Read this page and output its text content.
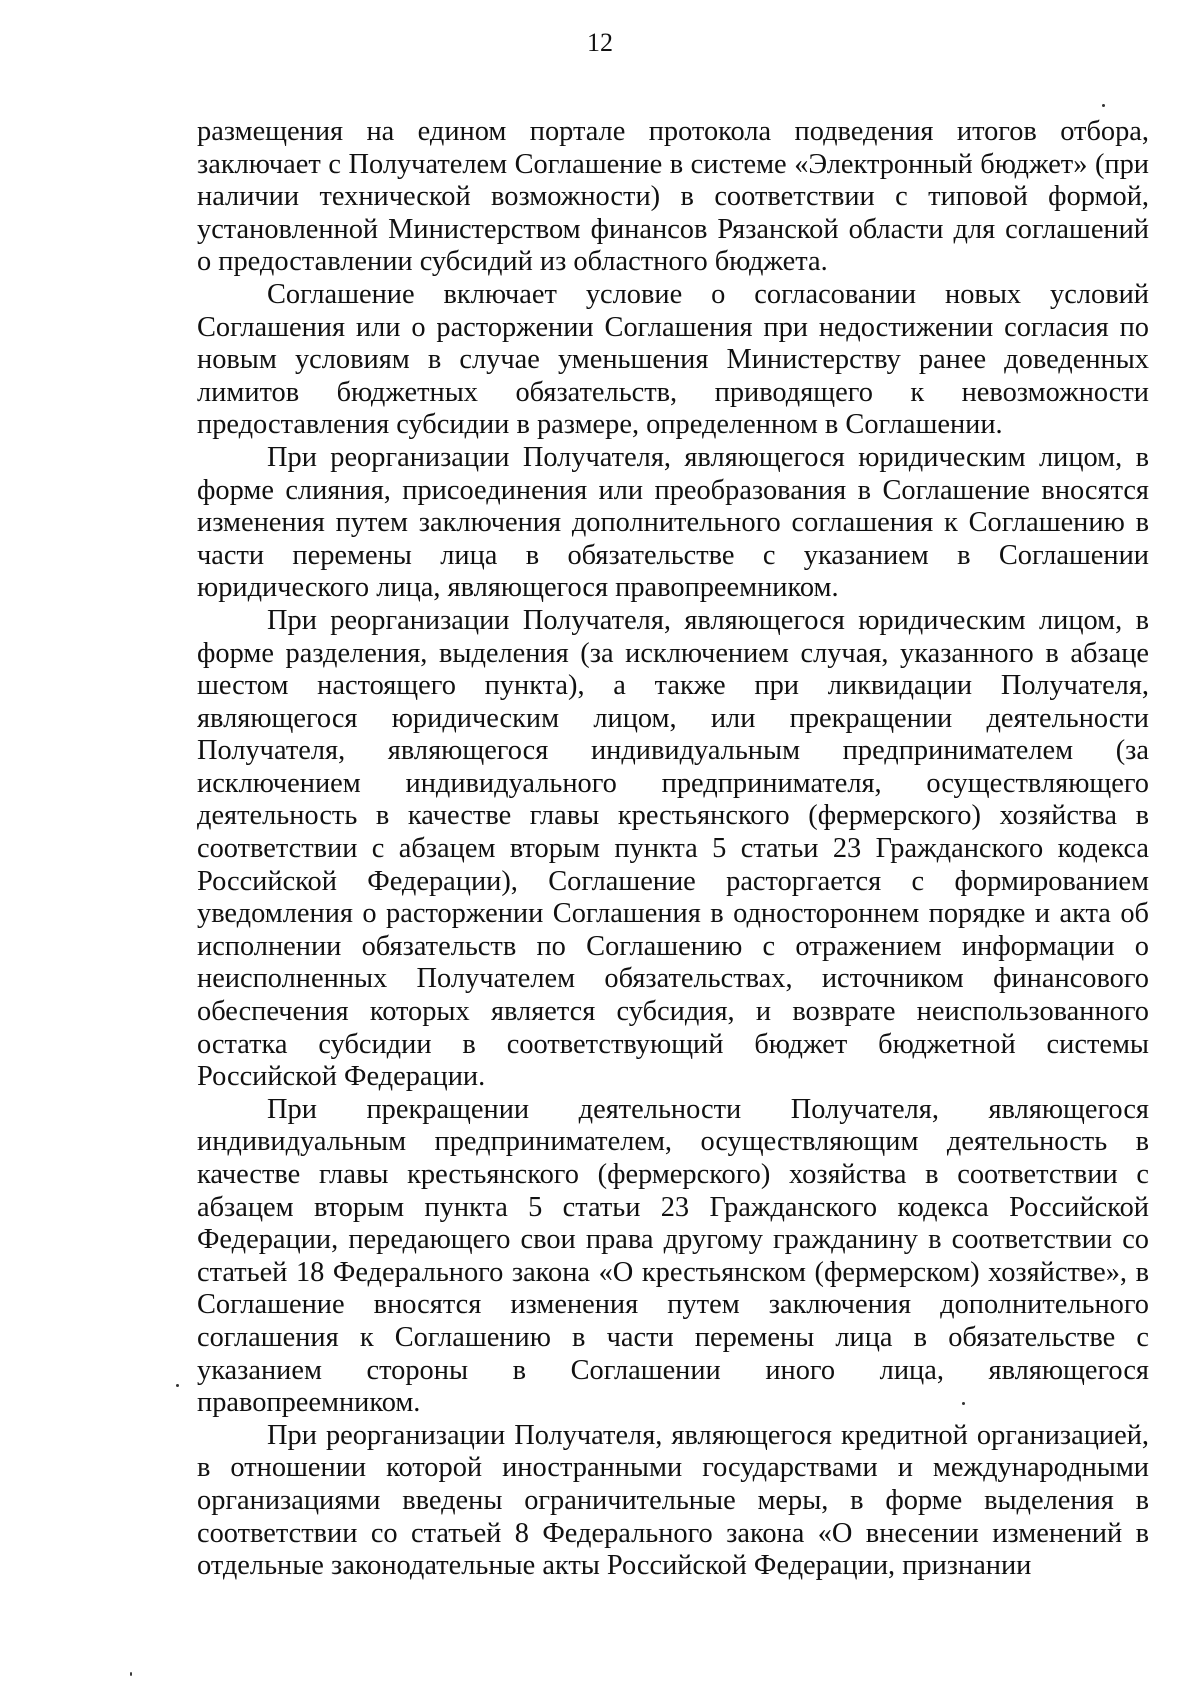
12

размещения на едином портале протокола подведения итогов отбора, заключает с Получателем Соглашение в системе «Электронный бюджет» (при наличии технической возможности) в соответствии с типовой формой, установленной Министерством финансов Рязанской области для соглашений о предоставлении субсидий из областного бюджета.

Соглашение включает условие о согласовании новых условий Соглашения или о расторжении Соглашения при недостижении согласия по новым условиям в случае уменьшения Министерству ранее доведенных лимитов бюджетных обязательств, приводящего к невозможности предоставления субсидии в размере, определенном в Соглашении.

При реорганизации Получателя, являющегося юридическим лицом, в форме слияния, присоединения или преобразования в Соглашение вносятся изменения путем заключения дополнительного соглашения к Соглашению в части перемены лица в обязательстве с указанием в Соглашении юридического лица, являющегося правопреемником.

При реорганизации Получателя, являющегося юридическим лицом, в форме разделения, выделения (за исключением случая, указанного в абзаце шестом настоящего пункта), а также при ликвидации Получателя, являющегося юридическим лицом, или прекращении деятельности Получателя, являющегося индивидуальным предпринимателем (за исключением индивидуального предпринимателя, осуществляющего деятельность в качестве главы крестьянского (фермерского) хозяйства в соответствии с абзацем вторым пункта 5 статьи 23 Гражданского кодекса Российской Федерации), Соглашение расторгается с формированием уведомления о расторжении Соглашения в одностороннем порядке и акта об исполнении обязательств по Соглашению с отражением информации о неисполненных Получателем обязательствах, источником финансового обеспечения которых является субсидия, и возврате неиспользованного остатка субсидии в соответствующий бюджет бюджетной системы Российской Федерации.

При прекращении деятельности Получателя, являющегося индивидуальным предпринимателем, осуществляющим деятельность в качестве главы крестьянского (фермерского) хозяйства в соответствии с абзацем вторым пункта 5 статьи 23 Гражданского кодекса Российской Федерации, передающего свои права другому гражданину в соответствии со статьей 18 Федерального закона «О крестьянском (фермерском) хозяйстве», в Соглашение вносятся изменения путем заключения дополнительного соглашения к Соглашению в части перемены лица в обязательстве с указанием стороны в Соглашении иного лица, являющегося правопреемником.

При реорганизации Получателя, являющегося кредитной организацией, в отношении которой иностранными государствами и международными организациями введены ограничительные меры, в форме выделения в соответствии со статьей 8 Федерального закона «О внесении изменений в отдельные законодательные акты Российской Федерации, признании
